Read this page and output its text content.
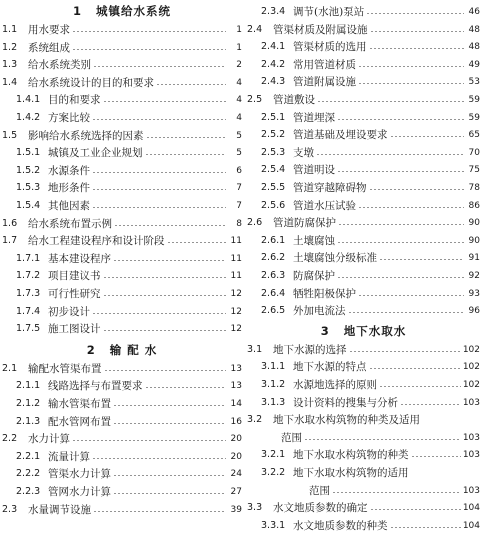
1 城镇给水系统
1.1	用水要求	1
1.2	系统组成	1
1.3	给水系统类别	2
1.4	给水系统设计的目的和要求	4
1.4.1 目的和要求	4
1.4.2 方案比较	4
1.5	影响给水系统选择的因素	5
1.5.1 城镇及工业企业规划	5
1.5.2 水源条件	6
1.5.3 地形条件	7
1.5.4 其他因素	7
1.6	给水系统布置示例	8
1.7	给水工程建设程序和设计阶段	11
1.7.1 基本建设程序	11
1.7.2 项目建议书	11
1.7.3 可行性研究	12
1.7.4 初步设计	12
1.7.5 施工图设计	12
2 输 配 水
2.1	输配水管渠布置	13
2.1.1 线路选择与布置要求	13
2.1.2 输水管渠布置	14
2.1.3 配水管网布置	16
2.2	水力计算	20
2.2.1 流量计算	20
2.2.2 管渠水力计算	24
2.2.3 管网水力计算	27
2.3	水量调节设施	39
2.3.4 调节(水池)泵站	46
2.4	管渠材质及附属设施	48
2.4.1 管渠材质的选用	48
2.4.2 常用管道材质	49
2.4.3 管道附属设施	53
2.5	管道敷设	59
2.5.1 管道埋深	59
2.5.2 管道基础及埋设要求	65
2.5.3 支墩	70
2.5.4 管道明设	75
2.5.5 管道穿越障碍物	78
2.5.6 管道水压试验	86
2.6	管道防腐保护	90
2.6.1 土壤腐蚀	90
2.6.2 土壤腐蚀分级标准	91
2.6.3 防腐保护	92
2.6.4 牺牲阳极保护	93
2.6.5 外加电流法	96
3 地下水取水
3.1	地下水源的选择	102
3.1.1 地下水源的特点	102
3.1.2 水源地选择的原则	102
3.1.3 设计资料的搜集与分析	103
3.2	地下水取水构筑物的种类及适用
范围	103
3.2.1 地下水取水构筑物的种类	103
3.2.2 地下水取水构筑物的适用
范围	103
3.3	水文地质参数的确定	104
3.3.1 水文地质参数的种类	104
